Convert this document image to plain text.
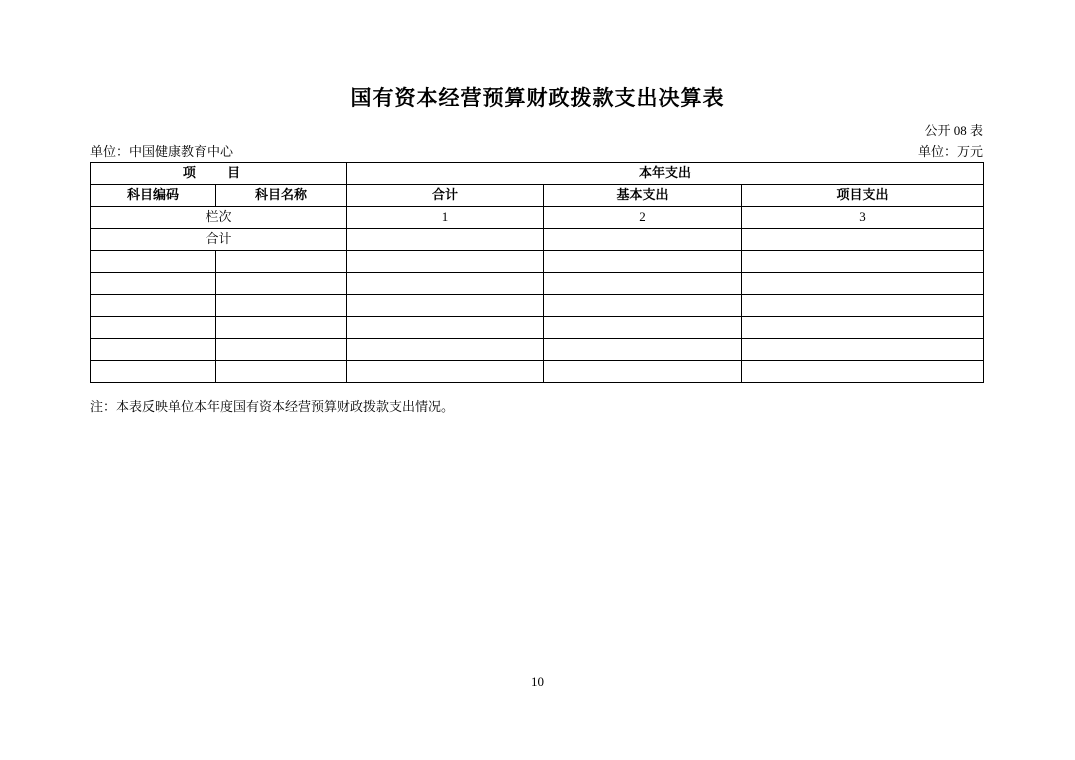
国有资本经营预算财政拨款支出决算表
公开 08 表
单位：中国健康教育中心	单位：万元
项 目		本年支出		
科目编码	科目名称	合计	基本支出	项目支出
栏次		1	2	3
合计				

注：本表反映单位本年度国有资本经营预算财政拨款支出情况。
10
